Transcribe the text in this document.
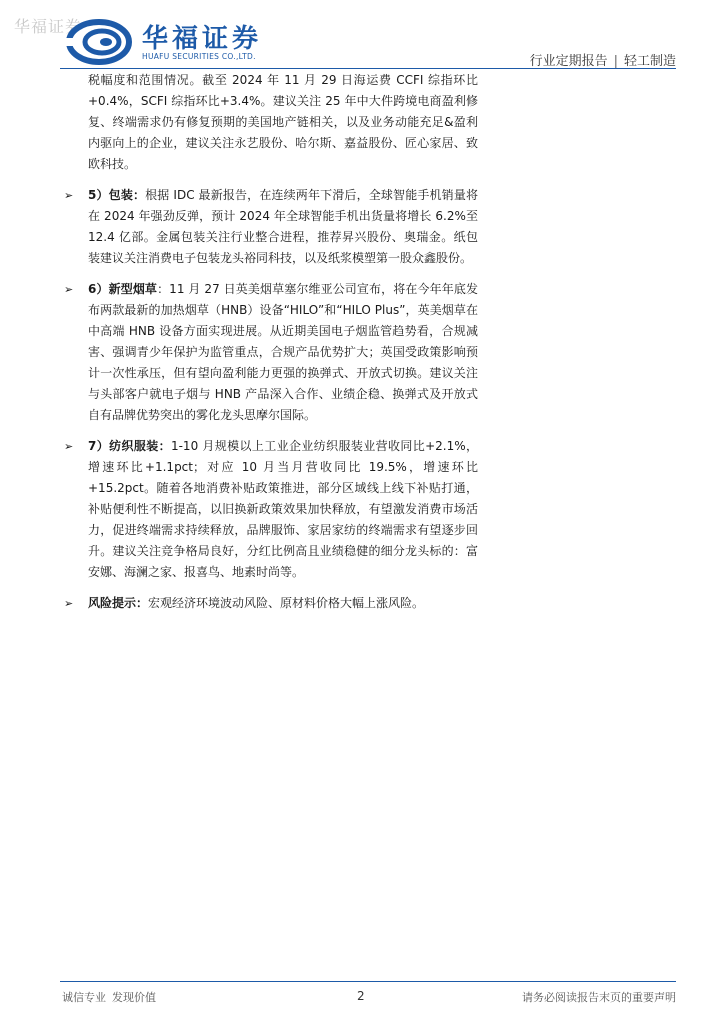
华福证券 华福证券
HUAFU SECURITIES CO.,LTD.	行业定期报告 | 轻工制造

税幅度和范围情况。截至 2024 年 11 月 29 日海运费 CCFI 综指环比+0.4%，SCFI 综指环比+3.4%。建议关注 25 年中大件跨境电商盈利修复、终端需求仍有修复预期的美国地产链相关，以及业务动能充足&盈利内驱向上的企业，建议关注永艺股份、哈尔斯、嘉益股份、匠心家居、致欧科技。

➢ 5）包装：根据 IDC 最新报告，在连续两年下滑后，全球智能手机销量将在 2024 年强劲反弹，预计 2024 年全球智能手机出货量将增长 6.2%至 12.4 亿部。金属包装关注行业整合进程，推荐昇兴股份、奥瑞金。纸包装建议关注消费电子包装龙头裕同科技，以及纸浆模塑第一股众鑫股份。

➢ 6）新型烟草：11 月 27 日英美烟草塞尔维亚公司宣布，将在今年年底发布两款最新的加热烟草（HNB）设备“HILO”和“HILO Plus”，英美烟草在中高端 HNB 设备方面实现进展。从近期美国电子烟监管趋势看，合规减害、强调青少年保护为监管重点，合规产品优势扩大；英国受政策影响预计一次性承压，但有望向盈利能力更强的换弹式、开放式切换。建议关注与头部客户就电子烟与 HNB 产品深入合作、业绩企稳、换弹式及开放式自有品牌优势突出的雾化龙头思摩尔国际。

➢ 7）纺织服装：1-10 月规模以上工业企业纺织服装业营收同比+2.1%，增速环比+1.1pct；对应 10 月当月营收同比 19.5%，增速环比+15.2pct。随着各地消费补贴政策推进，部分区域线上线下补贴打通，补贴便利性不断提高，以旧换新政策效果加快释放，有望激发消费市场活力，促进终端需求持续释放，品牌服饰、家居家纺的终端需求有望逐步回升。建议关注竞争格局良好，分红比例高且业绩稳健的细分龙头标的：富安娜、海澜之家、报喜鸟、地素时尚等。

➢ 风险提示：宏观经济环境波动风险、原材料价格大幅上涨风险。

诚信专业 发现价值	2	请务必阅读报告末页的重要声明
